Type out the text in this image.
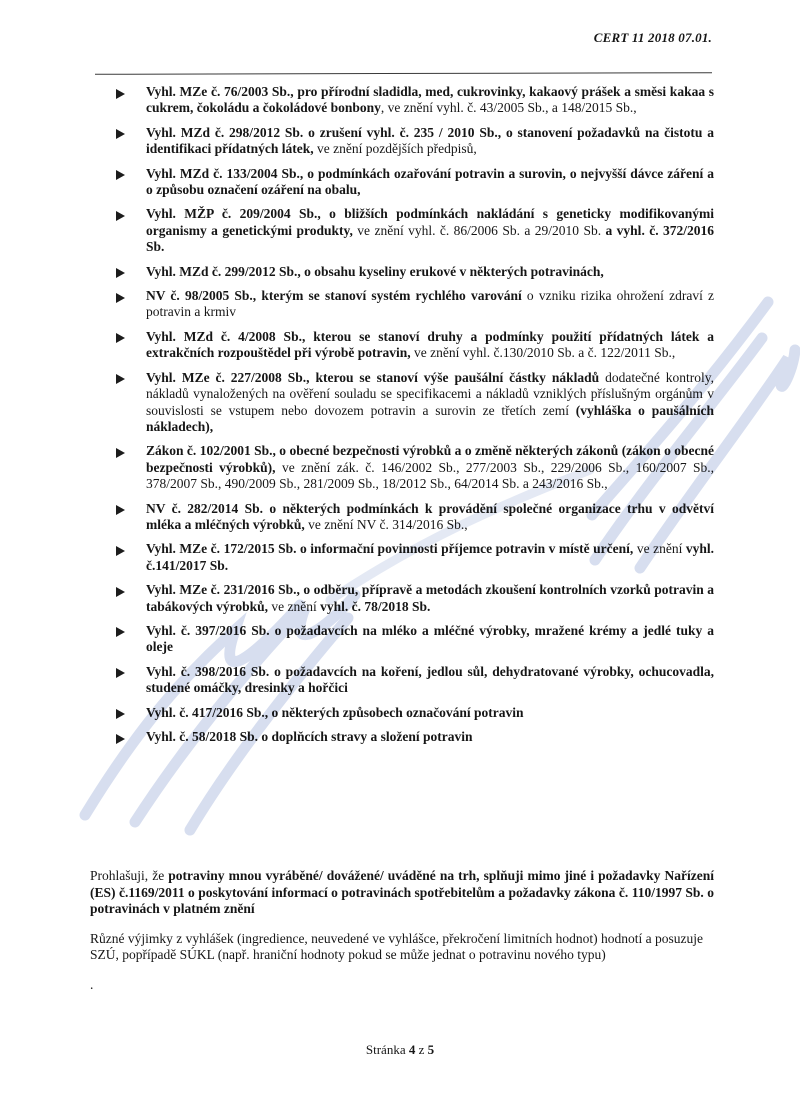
CERT 11 2018 07.01.
Vyhl. MZe č. 76/2003 Sb., pro přírodní sladidla, med, cukrovinky, kakaový prášek a směsi kakaa s cukrem, čokoládu a čokoládové bonbony, ve znění vyhl. č. 43/2005 Sb., a 148/2015 Sb.,
Vyhl. MZd č. 298/2012 Sb. o zrušení vyhl. č. 235 / 2010 Sb., o stanovení požadavků na čistotu a identifikaci přídatných látek, ve znění pozdějších předpisů,
Vyhl. MZd č. 133/2004 Sb., o podmínkách ozařování potravin a surovin, o nejvyšší dávce záření a o způsobu označení ozáření na obalu,
Vyhl. MŽP č. 209/2004 Sb., o bližších podmínkách nakládání s geneticky modifikovanými organismy a genetickými produkty, ve znění vyhl. č. 86/2006 Sb. a 29/2010 Sb. a vyhl. č. 372/2016 Sb.
Vyhl. MZd č. 299/2012 Sb., o obsahu kyseliny erukové v některých potravinách,
NV č. 98/2005 Sb., kterým se stanoví systém rychlého varování o vzniku rizika ohrožení zdraví z potravin a krmiv
Vyhl. MZd č. 4/2008 Sb., kterou se stanoví druhy a podmínky použití přídatných látek a extrakčních rozpouštědel při výrobě potravin, ve znění vyhl. č.130/2010 Sb. a č. 122/2011 Sb.,
Vyhl. MZe č. 227/2008 Sb., kterou se stanoví výše paušální částky nákladů dodatečné kontroly, nákladů vynaložených na ověření souladu se specifikacemi a nákladů vzniklých příslušným orgánům v souvislosti se vstupem nebo dovozem potravin a surovin ze třetích zemí (vyhláška o paušálních nákladech),
Zákon č. 102/2001 Sb., o obecné bezpečnosti výrobků a o změně některých zákonů (zákon o obecné bezpečnosti výrobků), ve znění zák. č. 146/2002 Sb., 277/2003 Sb., 229/2006 Sb., 160/2007 Sb., 378/2007 Sb., 490/2009 Sb., 281/2009 Sb., 18/2012 Sb., 64/2014 Sb. a 243/2016 Sb.,
NV č. 282/2014 Sb. o některých podmínkách k provádění společné organizace trhu v odvětví mléka a mléčných výrobků, ve znění NV č. 314/2016 Sb.,
Vyhl. MZe č. 172/2015 Sb. o informační povinnosti příjemce potravin v místě určení, ve znění vyhl. č.141/2017 Sb.
Vyhl. MZe č. 231/2016 Sb., o odběru, přípravě a metodách zkoušení kontrolních vzorků potravin a tabákových výrobků, ve znění vyhl. č. 78/2018 Sb.
Vyhl. č. 397/2016 Sb. o požadavcích na mléko a mléčné výrobky, mražené krémy a jedlé tuky a oleje
Vyhl. č. 398/2016 Sb. o požadavcích na koření, jedlou sůl, dehydratované výrobky, ochucovadla, studené omáčky, dresinky a hořčici
Vyhl. č. 417/2016 Sb., o některých způsobech označování potravin
Vyhl. č. 58/2018 Sb. o doplňcích stravy a složení potravin

Prohlašuji, že potraviny mnou vyráběné/ dovážené/ uváděné na trh, splňuji mimo jiné i požadavky Nařízení (ES) č.1169/2011 o poskytování informací o potravinách spotřebitelům a požadavky zákona č. 110/1997 Sb. o potravinách v platném znění

Různé výjimky z vyhlášek (ingredience, neuvedené ve vyhlášce, překročení limitních hodnot) hodnotí a posuzuje SZÚ, popřípadě SÚKL (např. hraniční hodnoty pokud se může jednat o potravinu nového typu)

.

Stránka 4 z 5
